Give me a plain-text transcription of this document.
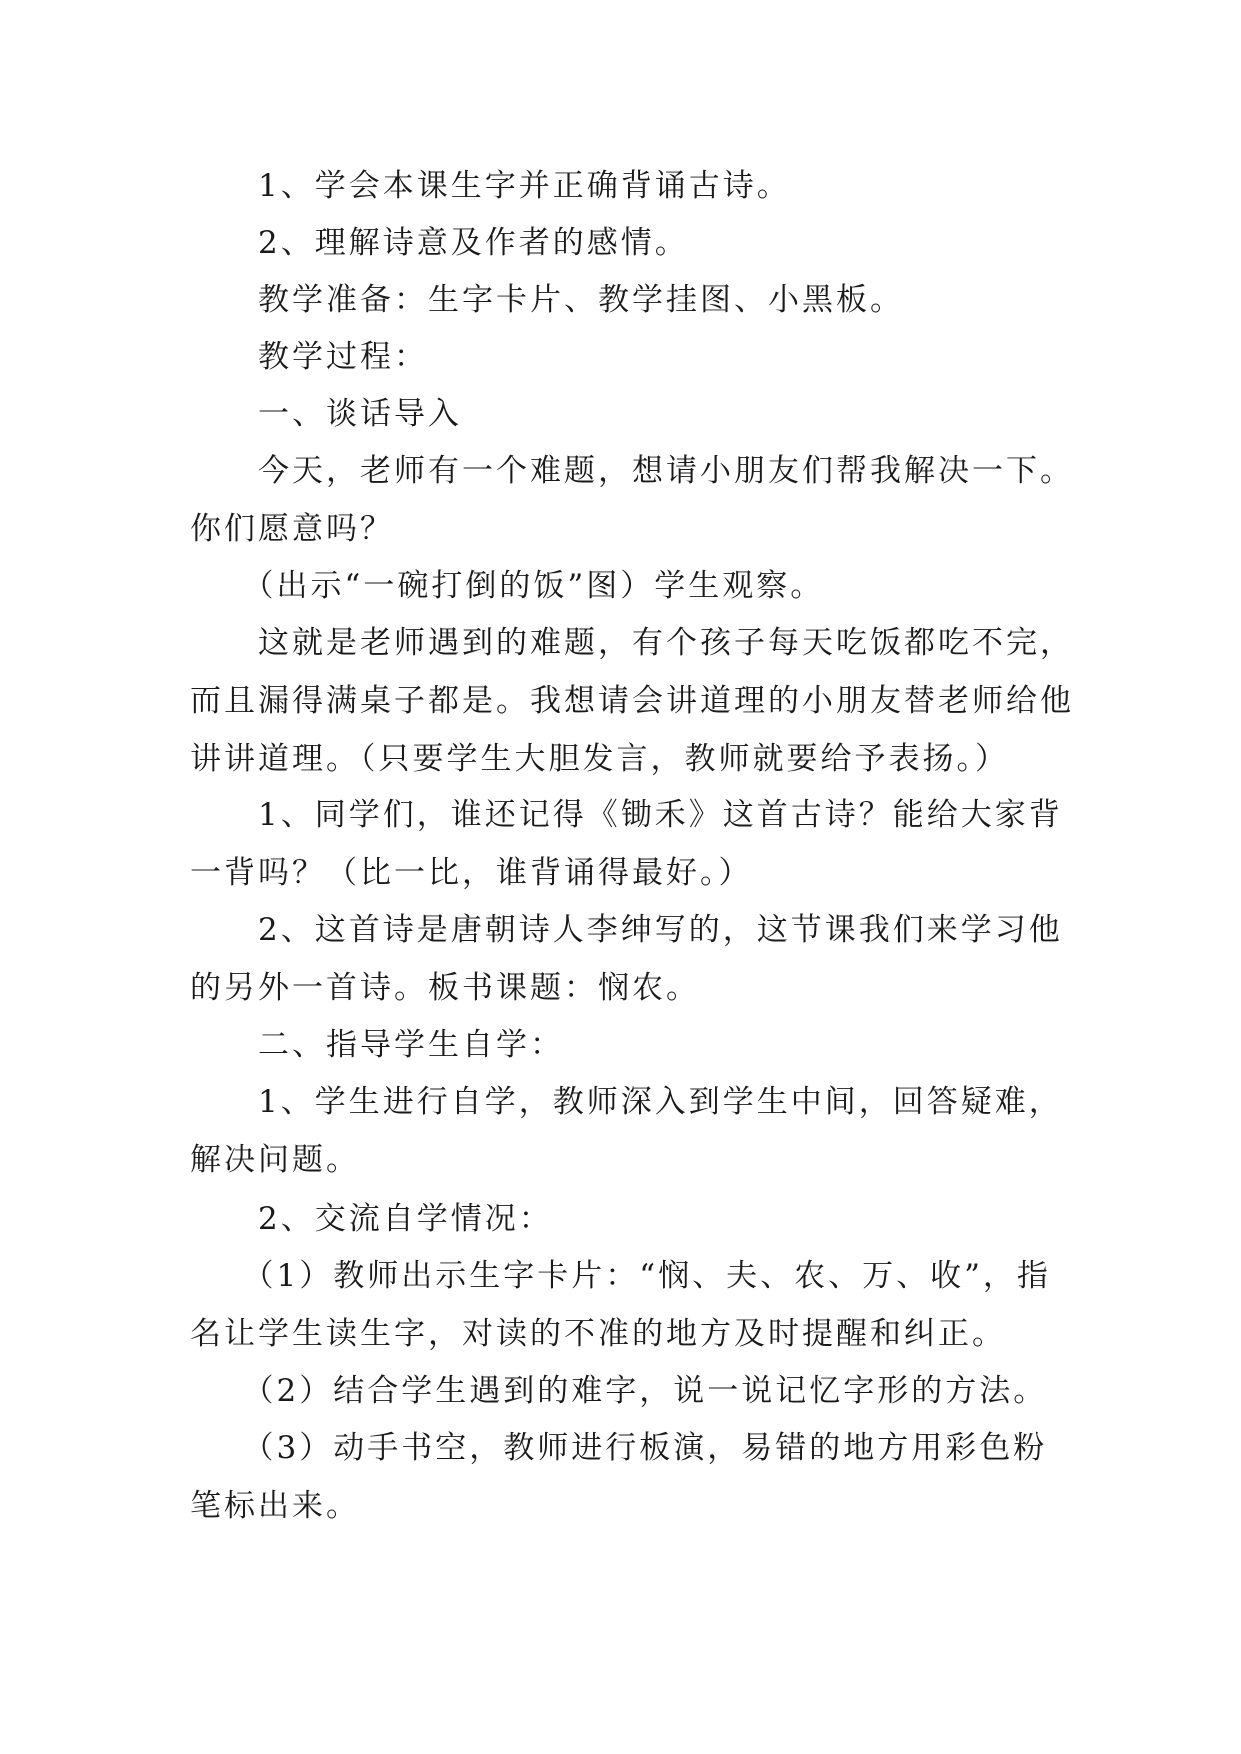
　　1、学会本课生字并正确背诵古诗。

　　2、理解诗意及作者的感情。

　　教学准备：生字卡片、教学挂图、小黑板。

　　教学过程：

　　一、谈话导入

　　今天，老师有一个难题，想请小朋友们帮我解决一下。
你们愿意吗？

　　（出示“一碗打倒的饭”图）学生观察。

　　这就是老师遇到的难题，有个孩子每天吃饭都吃不完，
而且漏得满桌子都是。我想请会讲道理的小朋友替老师给他
讲讲道理。（只要学生大胆发言，教师就要给予表扬。）

　　1、同学们，谁还记得《锄禾》这首古诗？能给大家背
一背吗？（比一比，谁背诵得最好。）

　　2、这首诗是唐朝诗人李绅写的，这节课我们来学习他
的另外一首诗。板书课题：悯农。

　　二、指导学生自学：

　　1、学生进行自学，教师深入到学生中间，回答疑难，
解决问题。

　　2、交流自学情况：

　　（1）教师出示生字卡片：“悯、夫、农、万、收”，指
名让学生读生字，对读的不准的地方及时提醒和纠正。

　　（2）结合学生遇到的难字，说一说记忆字形的方法。

　　（3）动手书空，教师进行板演，易错的地方用彩色粉
笔标出来。
